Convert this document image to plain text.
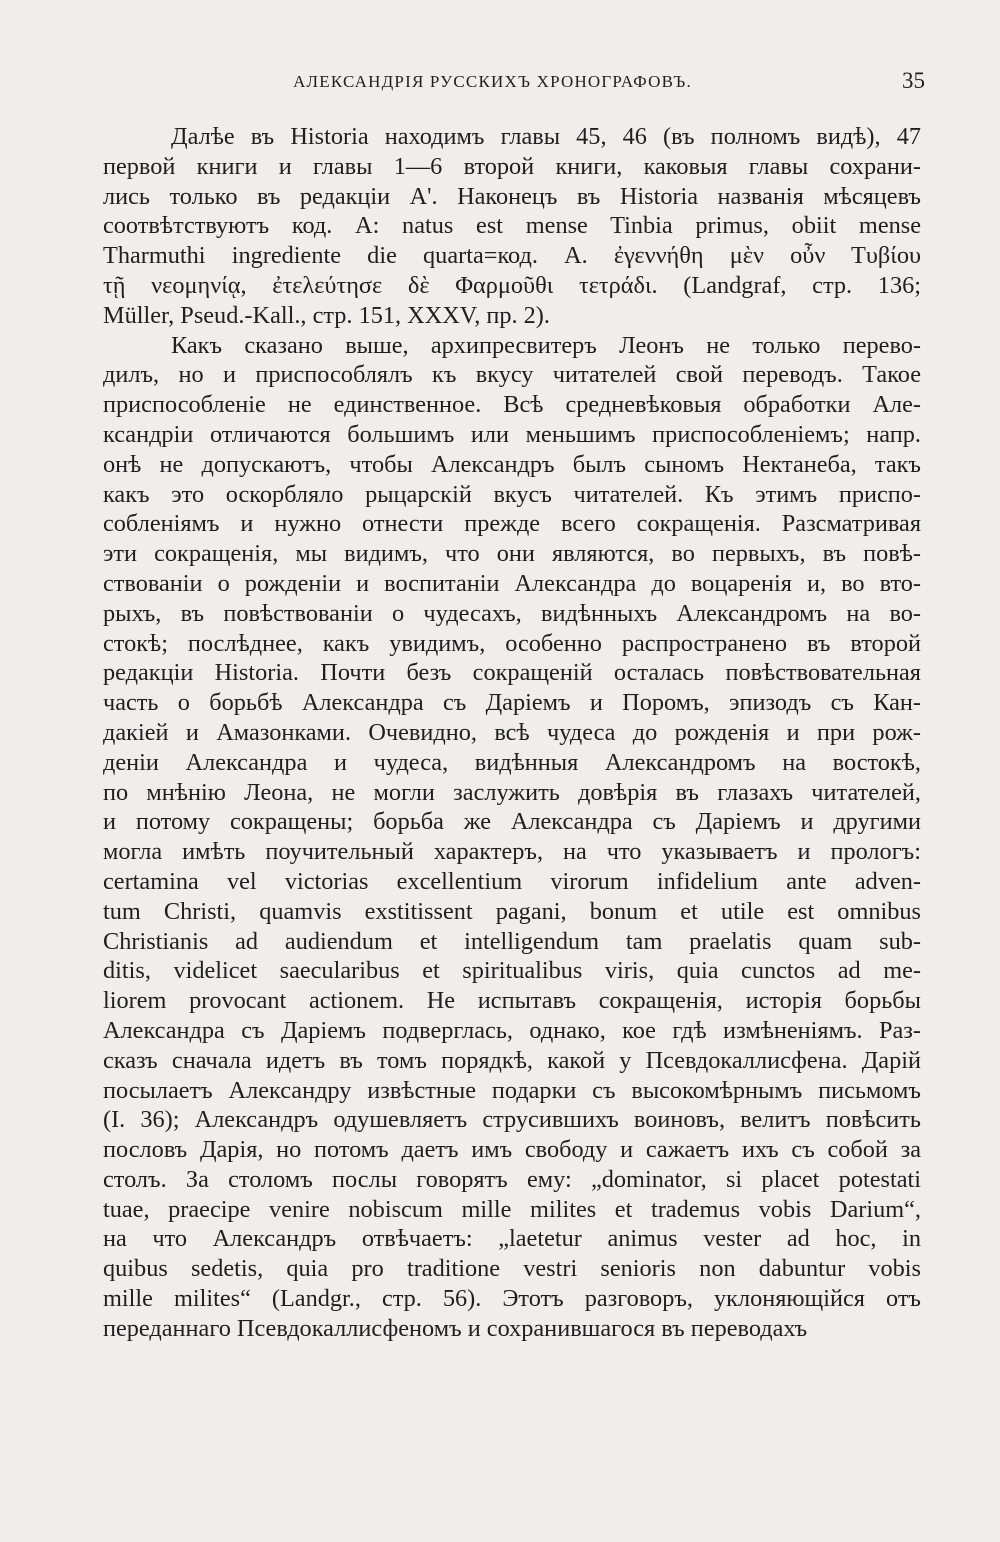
АЛЕКСАНДРІЯ РУССКИХЪ ХРОНОГРАФОВЪ.	35
Далѣе въ Historia находимъ главы 45, 46 (въ полномъ видѣ), 47
первой книги и главы 1—6 второй книги, каковыя главы сохрани-
лись только въ редакціи A'. Наконецъ въ Historia названія мѣсяцевъ
соотвѣтствуютъ код. А: natus est mense Tinbia primus, obiit mense
Tharmuthi ingrediente die quarta=код. А. ἐγεννήθη μὲν οὖν Τυβίου
τῇ νεομηνίᾳ, ἐτελεύτησε δὲ Φαρμοῦθι τετράδι. (Landgraf, стр. 136;
Müller, Pseud.-Kall., стр. 151, XXXV, пр. 2).
Какъ сказано выше, архипресвитеръ Леонъ не только перево-
дилъ, но и приспособлялъ къ вкусу читателей свой переводъ. Такое
приспособленіе не единственное. Всѣ средневѣковыя обработки Але-
ксандріи отличаются большимъ или меньшимъ приспособленіемъ; напр.
онѣ не допускаютъ, чтобы Александръ былъ сыномъ Нектанеба, такъ
какъ это оскорбляло рыцарскій вкусъ читателей. Къ этимъ приспо-
собленіямъ и нужно отнести прежде всего сокращенія. Разсматривая
эти сокращенія, мы видимъ, что они являются, во первыхъ, въ повѣ-
ствованіи о рожденіи и воспитаніи Александра до воцаренія и, во вто-
рыхъ, въ повѣствованіи о чудесахъ, видѣнныхъ Александромъ на во-
стокѣ; послѣднее, какъ увидимъ, особенно распространено въ второй
редакціи Historia. Почти безъ сокращеній осталась повѣствовательная
часть о борьбѣ Александра съ Даріемъ и Поромъ, эпизодъ съ Кан-
дакіей и Амазонками. Очевидно, всѣ чудеса до рожденія и при рож-
деніи Александра и чудеса, видѣнныя Александромъ на востокѣ,
по мнѣнію Леона, не могли заслужить довѣрія въ глазахъ читателей,
и потому сокращены; борьба же Александра съ Даріемъ и другими
могла имѣть поучительный характеръ, на что указываетъ и прологъ:
certamina vel victorias excellentium virorum infidelium ante adven-
tum Christi, quamvis exstitissent pagani, bonum et utile est omnibus
Christianis ad audiendum et intelligendum tam praelatis quam sub-
ditis, videlicet saecularibus et spiritualibus viris, quia cunctos ad me-
liorem provocant actionem. Не испытавъ сокращенія, исторія борьбы
Александра съ Даріемъ подверглась, однако, кое гдѣ измѣненіямъ. Раз-
сказъ сначала идетъ въ томъ порядкѣ, какой у Псевдокаллисфена. Дарій
посылаетъ Александру извѣстные подарки съ высокомѣрнымъ письмомъ
(I. 36); Александръ одушевляетъ струсившихъ воиновъ, велитъ повѣсить
пословъ Дарія, но потомъ даетъ имъ свободу и сажаетъ ихъ съ собой за
столъ. За столомъ послы говорятъ ему: „dominator, si placet potestati
tuae, praecipe venire nobiscum mille milites et trademus vobis Darium“,
на что Александръ отвѣчаетъ: „laetetur animus vester ad hoc, in
quibus sedetis, quia pro traditione vestri senioris non dabuntur vobis
mille milites“ (Landgr., стр. 56). Этотъ разговоръ, уклоняющійся отъ
переданнаго Псевдокаллисфеномъ и сохранившагося въ переводахъ
